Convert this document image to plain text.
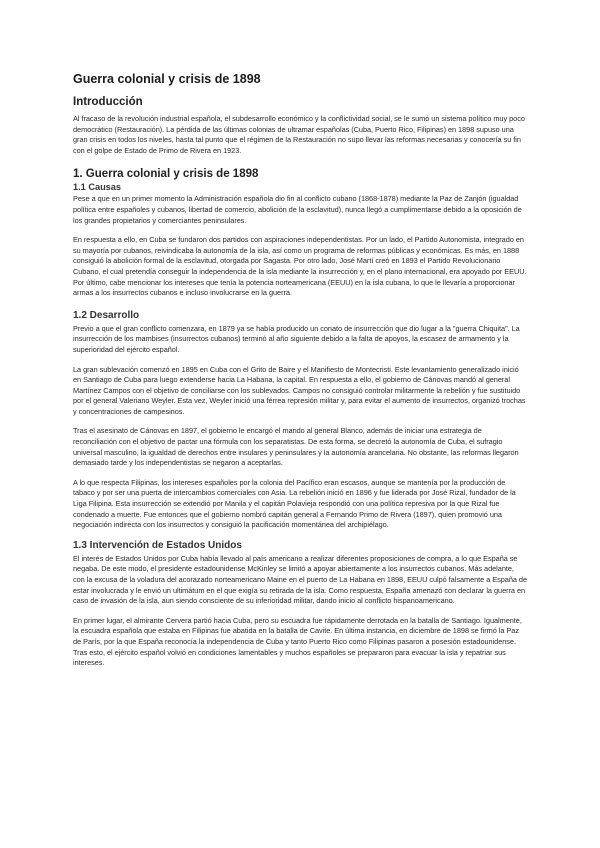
Guerra colonial y crisis de 1898
Introducción

Al fracaso de la revolución industrial española, el subdesarrollo económico y la conflictividad social, se le sumó un sistema político muy poco democrático (Restauración). La pérdida de las últimas colonias de ultramar españolas (Cuba, Puerto Rico, Filipinas) en 1898 supuso una gran crisis en todos los niveles, hasta tal punto que el régimen de la Restauración no supo llevar las reformas necesarias y conocería su fin con el golpe de Estado de Primo de Rivera en 1923.

1. Guerra colonial y crisis de 1898
1.1 Causas

Pese a que en un primer momento la Administración española dio fin al conflicto cubano (1868-1878) mediante la Paz de Zanjón (igualdad política entre españoles y cubanos, libertad de comercio, abolición de la esclavitud), nunca llegó a cumplimentarse debido a la oposición de los grandes propietarios y comerciantes peninsulares.

En respuesta a ello, en Cuba se fundaron dos partidos con aspiraciones independentistas. Por un lado, el Partido Autonomista, integrado en su mayoría por cubanos, reivindicaba la autonomía de la isla, así como un programa de reformas públicas y económicas. Es más, en 1888 consiguió la abolición formal de la esclavitud, otorgada por Sagasta. Por otro lado, José Martí creó en 1893 el Partido Revolucionario Cubano, el cual pretendía conseguir la independencia de la isla mediante la insurrección y, en el plano internacional, era apoyado por EEUU. Por último, cabe mencionar los intereses que tenía la potencia norteamericana (EEUU) en la isla cubana, lo que le llevaría a proporcionar armas a los insurrectos cubanos e incluso involucrarse en la guerra.

1.2 Desarrollo

Previo a que el gran conflicto comenzara, en 1879 ya se había producido un conato de insurrección que dio lugar a la "guerra Chiquita". La insurrección de los mambises (insurrectos cubanos) terminó al año siguiente debido a la falta de apoyos, la escasez de armamento y la superioridad del ejército español.

La gran sublevación comenzó en 1895 en Cuba con el Grito de Baire y el Manifiesto de Montecristi. Este levantamiento generalizado inició en Santiago de Cuba para luego extenderse hacia La Habana, la capital. En respuesta a ello, el gobierno de Cánovas mandó al general Martínez Campos con el objetivo de conciliarse con los sublevados. Campos no consiguió controlar militarmente la rebelión y fue sustituido por el general Valeriano Weyler. Esta vez, Weyler inició una férrea represión militar y, para evitar el aumento de insurrectos, organizó trochas y concentraciones de campesinos.

Tras el asesinato de Cánovas en 1897, el gobierno le encargó el mando al general Blanco, además de iniciar una estrategia de reconciliación con el objetivo de pactar una fórmula con los separatistas. De esta forma, se decretó la autonomía de Cuba, el sufragio universal masculino, la igualdad de derechos entre insulares y peninsulares y la autonomía arancelaria. No obstante, las reformas llegaron demasiado tarde y los independentistas se negaron a aceptarlas.

A lo que respecta Filipinas, los intereses españoles por la colonia del Pacífico eran escasos, aunque se mantenía por la producción de tabaco y por ser una puerta de intercambios comerciales con Asia. La rebelión inició en 1896 y fue liderada por José Rizal, fundador de la Liga Filipina. Esta insurrección se extendió por Manila y el capitán Polavieja respondió con una política represiva por la que Rizal fue condenado a muerte. Fue entonces que el gobierno nombró capitán general a Fernando Primo de Rivera (1897), quien promovió una negociación indirecta con los insurrectos y consiguió la pacificación momentánea del archipiélago.

1.3 Intervención de Estados Unidos

El interés de Estados Unidos por Cuba había llevado al país americano a realizar diferentes proposiciones de compra, a lo que España se negaba. De este modo, el presidente estadounidense McKinley se limitó a apoyar abiertamente a los insurrectos cubanos. Más adelante, con la excusa de la voladura del acorazado norteamericano Maine en el puerto de La Habana en 1898, EEUU culpó falsamente a España de estar involucrada y le envió un ultimátum en el que exigía su retirada de la isla. Como respuesta, España amenazó con declarar la guerra en caso de invasión de la isla, aun siendo consciente de su inferioridad militar, dando inicio al conflicto hispanoamericano.

En primer lugar, el almirante Cervera partió hacia Cuba, pero su escuadra fue rápidamente derrotada en la batalla de Santiago. Igualmente, la escuadra española que estaba en Filipinas fue abatida en la batalla de Cavite. En última instancia, en diciembre de 1898 se firmó la Paz de París, por la que España reconocía la independencia de Cuba y tanto Puerto Rico como Filipinas pasaron a posesión estadounidense. Tras esto, el ejército español volvió en condiciones lamentables y muchos españoles se prepararon para evacuar la isla y repatriar sus intereses.
